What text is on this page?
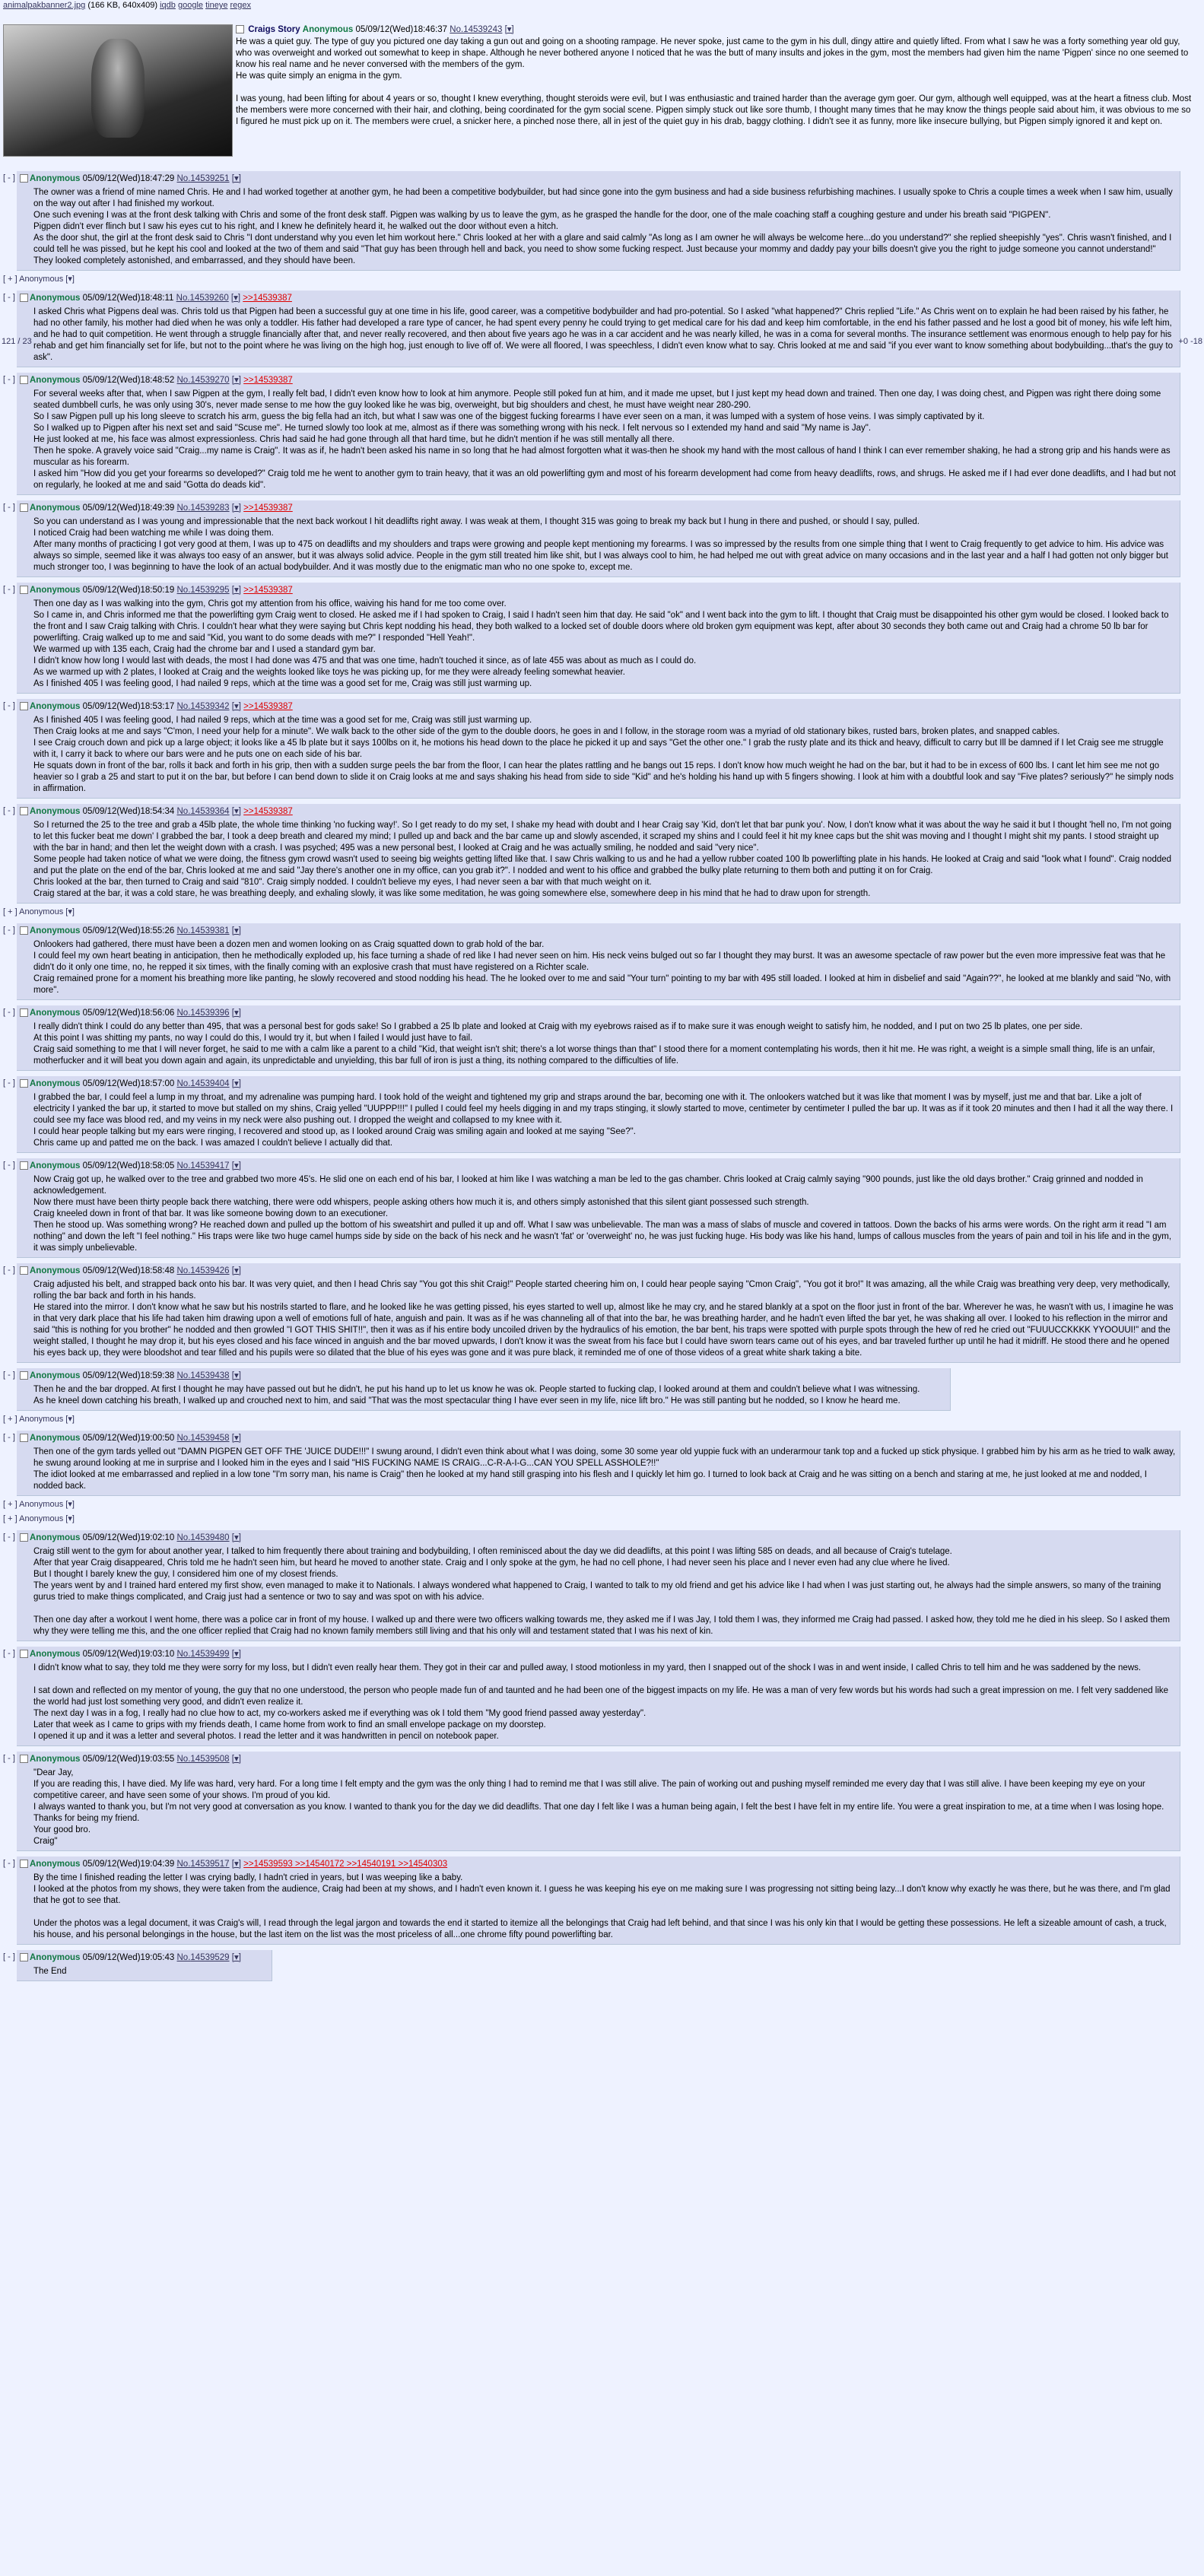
animalpakbanner2.jpg (166 KB, 640x409) iqdb google tineye regex
Craigs Story Anonymous 05/09/12(Wed)18:46:37 No.14539243 [▾]

He was a quiet guy. The type of guy you pictured one day taking a gun out and going on a shooting rampage. He never spoke, just came to the gym in his dull, dingy attire and quietly lifted. From what I saw he was a forty something year old guy, who was overweight and worked out somewhat to keep in shape. Although he never bothered anyone I noticed that he was the butt of many insults and jokes in the gym, most the members had given him the name 'Pigpen' since no one seemed to know his real name and he never conversed with the members of the gym.

He was quite simply an enigma in the gym.

I was young, had been lifting for about 4 years or so, thought I knew everything, thought steroids were evil, but I was enthusiastic and trained harder than the average gym goer. Our gym, although well equipped, was at the heart a fitness club. Most the members were more concerned with their hair, and clothing, being coordinated for the gym social scene. Pigpen simply stuck out like sore thumb, I thought many times that he may know the things people said about him, it was obvious to me so I figured he must pick up on it. The members were cruel, a snicker here, a pinched nose there, all in jest of the quiet guy in his drab, baggy clothing. I didn't see it as funny, more like insecure bullying, but Pigpen simply ignored it and kept on.

[ - ]	Anonymous 05/09/12(Wed)18:47:29 No.14539251 [▾]

The owner was a friend of mine named Chris. He and I had worked together at another gym, he had been a competitive bodybuilder, but had since gone into the gym business and had a side business refurbishing machines. I usually spoke to Chris a couple times a week when I saw him, usually on the way out after I had finished my workout.

One such evening I was at the front desk talking with Chris and some of the front desk staff. Pigpen was walking by us to leave the gym, as he grasped the handle for the door, one of the male coaching staff a coughing gesture and under his breath said "PIGPEN".

Pigpen didn't ever flinch but I saw his eyes cut to his right, and I knew he definitely heard it, he walked out the door without even a hitch.

As the door shut, the girl at the front desk said to Chris "I dont understand why you even let him workout here." Chris looked at her with a glare and said calmly "As long as I am owner he will always be welcome here...do you understand?" she replied sheepishly "yes". Chris wasn't finished, and I could tell he was pissed, but he kept his cool and looked at the two of them and said "That guy has been through hell and back, you need to show some fucking respect. Just because your mommy and daddy pay your bills doesn't give you the right to judge someone you cannot understand!" They looked completely astonished, and embarrassed, and they should have been.

[ + ] Anonymous [▾]
[ - ]	Anonymous 05/09/12(Wed)18:48:11 No.14539260 [▾] >>14539387

I asked Chris what Pigpens deal was. Chris told us that Pigpen had been a successful guy at one time in his life, good career, was a competitive bodybuilder and had pro-potential. So I asked "what happened?" Chris replied "Life." As Chris went on to explain he had been raised by his father, he had no other family, his mother had died when he was only a toddler. His father had developed a rare type of cancer, he had spent every penny he could trying to get medical care for his dad and keep him comfortable, in the end his father passed and he lost a good bit of money, his wife left him, and he had to quit competition. He went through a struggle financially after that, and never really recovered, and then about five years ago he was in a car accident and he was nearly killed, he was in a coma for several months. The insurance settlement was enormous enough to help pay for his rehab and get him financially set for life, but not to the point where he was living on the high hog, just enough to live off of. We were all floored, I was speechless, I didn't even know what to say. Chris looked at me and said "if you ever want to know something about bodybuilding...that's the guy to ask".

121 / 23	+0 -18
[ - ]	Anonymous 05/09/12(Wed)18:48:52 No.14539270 [▾] >>14539387

For several weeks after that, when I saw Pigpen at the gym, I really felt bad, I didn't even know how to look at him anymore. People still poked fun at him, and it made me upset, but I just kept my head down and trained. Then one day, I was doing chest, and Pigpen was right there doing some seated dumbbell curls, he was only using 30's, never made sense to me how the guy looked like he was big, overweight, but big shoulders and chest, he must have weight near 280-290.

So I saw Pigpen pull up his long sleeve to scratch his arm, guess the big fella had an itch, but what I saw was one of the biggest fucking forearms I have ever seen on a man, it was lumped with a system of hose veins. I was simply captivated by it.

So I walked up to Pigpen after his next set and said "Scuse me". He turned slowly too look at me, almost as if there was something wrong with his neck. I felt nervous so I extended my hand and said "My name is Jay".

He just looked at me, his face was almost expressionless. Chris had said he had gone through all that hard time, but he didn't mention if he was still mentally all there.

Then he spoke. A gravely voice said "Craig...my name is Craig". It was as if, he hadn't been asked his name in so long that he had almost forgotten what it was-then he shook my hand with the most callous of hand I think I can ever remember shaking, he had a strong grip and his hands were as muscular as his forearm.

I asked him "How did you get your forearms so developed?" Craig told me he went to another gym to train heavy, that it was an old powerlifting gym and most of his forearm development had come from heavy deadlifts, rows, and shrugs. He asked me if I had ever done deadlifts, and I had but not on regularly, he looked at me and said "Gotta do deads kid".

[ - ]	Anonymous 05/09/12(Wed)18:49:39 No.14539283 [▾] >>14539387

So you can understand as I was young and impressionable that the next back workout I hit deadlifts right away. I was weak at them, I thought 315 was going to break my back but I hung in there and pushed, or should I say, pulled.

I noticed Craig had been watching me while I was doing them.

After many months of practicing I got very good at them, I was up to 475 on deadlifts and my shoulders and traps were growing and people kept mentioning my forearms. I was so impressed by the results from one simple thing that I went to Craig frequently to get advice to him. His advice was always so simple, seemed like it was always too easy of an answer, but it was always solid advice. People in the gym still treated him like shit, but I was always cool to him, he had helped me out with great advice on many occasions and in the last year and a half I had gotten not only bigger but much stronger too, I was beginning to have the look of an actual bodybuilder. And it was mostly due to the enigmatic man who no one spoke to, except me.

[ - ]	Anonymous 05/09/12(Wed)18:50:19 No.14539295 [▾] >>14539387

Then one day as I was walking into the gym, Chris got my attention from his office, waiving his hand for me too come over.

So I came in, and Chris informed me that the powerlifting gym Craig went to closed. He asked me if I had spoken to Craig, I said I hadn't seen him that day. He said "ok" and I went back into the gym to lift. I thought that Craig must be disappointed his other gym would be closed. I looked back to the front and I saw Craig talking with Chris. I couldn't hear what they were saying but Chris kept nodding his head, they both walked to a locked set of double doors where old broken gym equipment was kept, after about 30 seconds they both came out and Craig had a chrome 50 lb bar for powerlifting. Craig walked up to me and said "Kid, you want to do some deads with me?" I responded "Hell Yeah!".

We warmed up with 135 each, Craig had the chrome bar and I used a standard gym bar.

I didn't know how long I would last with deads, the most I had done was 475 and that was one time, hadn't touched it since, as of late 455 was about as much as I could do.

As we warmed up with 2 plates, I looked at Craig and the weights looked like toys he was picking up, for me they were already feeling somewhat heavier.

As I finished 405 I was feeling good, I had nailed 9 reps, which at the time was a good set for me, Craig was still just warming up.

[ - ]	Anonymous 05/09/12(Wed)18:53:17 No.14539342 [▾] >>14539387

As I finished 405 I was feeling good, I had nailed 9 reps, which at the time was a good set for me, Craig was still just warming up.

Then Craig looks at me and says "C'mon, I need your help for a minute". We walk back to the other side of the gym to the double doors, he goes in and I follow, in the storage room was a myriad of old stationary bikes, rusted bars, broken plates, and snapped cables.

I see Craig crouch down and pick up a large object; it looks like a 45 lb plate but it says 100lbs on it, he motions his head down to the place he picked it up and says "Get the other one." I grab the rusty plate and its thick and heavy, difficult to carry but Ill be damned if I let Craig see me struggle with it, I carry it back to where our bars were and he puts one on each side of his bar.

He squats down in front of the bar, rolls it back and forth in his grip, then with a sudden surge peels the bar from the floor, I can hear the plates rattling and he bangs out 15 reps. I don't know how much weight he had on the bar, but it had to be in excess of 600 lbs. I cant let him see me not go heavier so I grab a 25 and start to put it on the bar, but before I can bend down to slide it on Craig looks at me and says shaking his head from side to side "Kid" and he's holding his hand up with 5 fingers showing. I look at him with a doubtful look and say "Five plates? seriously?" he simply nods in affirmation.

[ - ]	Anonymous 05/09/12(Wed)18:54:34 No.14539364 [▾] >>14539387

So I returned the 25 to the tree and grab a 45lb plate, the whole time thinking 'no fucking way!'. So I get ready to do my set, I shake my head with doubt and I hear Craig say 'Kid, don't let that bar punk you'. Now, I don't know what it was about the way he said it but I thought 'hell no, I'm not going to let this fucker beat me down' I grabbed the bar, I took a deep breath and cleared my mind; I pulled up and back and the bar came up and slowly ascended, it scraped my shins and I could feel it hit my knee caps but the shit was moving and I thought I might shit my pants. I stood straight up with the bar in hand; and then let the weight down with a crash. I was psyched; 495 was a new personal best, I looked at Craig and he was actually smiling, he nodded and said "very nice".

Some people had taken notice of what we were doing, the fitness gym crowd wasn't used to seeing big weights getting lifted like that. I saw Chris walking to us and he had a yellow rubber coated 100 lb powerlifting plate in his hands. He looked at Craig and said "look what I found". Craig nodded and put the plate on the end of the bar, Chris looked at me and said "Jay there's another one in my office, can you grab it?". I nodded and went to his office and grabbed the bulky plate returning to them both and putting it on for Craig.

Chris looked at the bar, then turned to Craig and said "810". Craig simply nodded. I couldn't believe my eyes, I had never seen a bar with that much weight on it.

Craig stared at the bar, it was a cold stare, he was breathing deeply, and exhaling slowly, it was like some meditation, he was going somewhere else, somewhere deep in his mind that he had to draw upon for strength.

[ + ] Anonymous [▾]
[ - ]	Anonymous 05/09/12(Wed)18:55:26 No.14539381 [▾]

Onlookers had gathered, there must have been a dozen men and women looking on as Craig squatted down to grab hold of the bar.

I could feel my own heart beating in anticipation, then he methodically exploded up, his face turning a shade of red like I had never seen on him. His neck veins bulged out so far I thought they may burst. It was an awesome spectacle of raw power but the even more impressive feat was that he didn't do it only one time, no, he repped it six times, with the finally coming with an explosive crash that must have registered on a Richter scale.

Craig remained prone for a moment his breathing more like panting, he slowly recovered and stood nodding his head. The he looked over to me and said "Your turn" pointing to my bar with 495 still loaded. I looked at him in disbelief and said "Again??", he looked at me blankly and said "No, with more".

[ - ]	Anonymous 05/09/12(Wed)18:56:06 No.14539396 [▾]

I really didn't think I could do any better than 495, that was a personal best for gods sake! So I grabbed a 25 lb plate and looked at Craig with my eyebrows raised as if to make sure it was enough weight to satisfy him, he nodded, and I put on two 25 lb plates, one per side.

At this point I was shitting my pants, no way I could do this, I would try it, but when I failed I would just have to fail.

Craig said something to me that I will never forget, he said to me with a calm like a parent to a child "Kid, that weight isn't shit; there's a lot worse things than that" I stood there for a moment contemplating his words, then it hit me. He was right, a weight is a simple small thing, life is an unfair, motherfucker and it will beat you down again and again, its unpredictable and unyielding, this bar full of iron is just a thing, its nothing compared to the difficulties of life.

[ - ]	Anonymous 05/09/12(Wed)18:57:00 No.14539404 [▾]

I grabbed the bar, I could feel a lump in my throat, and my adrenaline was pumping hard. I took hold of the weight and tightened my grip and straps around the bar, becoming one with it. The onlookers watched but it was like that moment I was by myself, just me and that bar. Like a jolt of electricity I yanked the bar up, it started to move but stalled on my shins, Craig yelled "UUPPP!!!" I pulled I could feel my heels digging in and my traps stinging, it slowly started to move, centimeter by centimeter I pulled the bar up. It was as if it took 20 minutes and then I had it all the way there. I could see my face was blood red, and my veins in my neck were also pushing out. I dropped the weight and collapsed to my knee with it.

I could hear people talking but my ears were ringing, I recovered and stood up, as I looked around Craig was smiling again and looked at me saying "See?".

Chris came up and patted me on the back. I was amazed I couldn't believe I actually did that.

[ - ]	Anonymous 05/09/12(Wed)18:58:05 No.14539417 [▾]

Now Craig got up, he walked over to the tree and grabbed two more 45's. He slid one on each end of his bar, I looked at him like I was watching a man be led to the gas chamber. Chris looked at Craig calmly saying "900 pounds, just like the old days brother." Craig grinned and nodded in acknowledgement.

Now there must have been thirty people back there watching, there were odd whispers, people asking others how much it is, and others simply astonished that this silent giant possessed such strength.

Craig kneeled down in front of that bar. It was like someone bowing down to an executioner.

Then he stood up. Was something wrong? He reached down and pulled up the bottom of his sweatshirt and pulled it up and off. What I saw was unbelievable. The man was a mass of slabs of muscle and covered in tattoos. Down the backs of his arms were words. On the right arm it read "I am nothing" and down the left "I feel nothing." His traps were like two huge camel humps side by side on the back of his neck and he wasn't 'fat' or 'overweight' no, he was just fucking huge. His body was like his hand, lumps of callous muscles from the years of pain and toil in his life and in the gym, it was simply unbelievable.

[ - ]	Anonymous 05/09/12(Wed)18:58:48 No.14539426 [▾]

Craig adjusted his belt, and strapped back onto his bar. It was very quiet, and then I head Chris say "You got this shit Craig!" People started cheering him on, I could hear people saying "Cmon Craig", "You got it bro!" It was amazing, all the while Craig was breathing very deep, very methodically, rolling the bar back and forth in his hands.

He stared into the mirror. I don't know what he saw but his nostrils started to flare, and he looked like he was getting pissed, his eyes started to well up, almost like he may cry, and he stared blankly at a spot on the floor just in front of the bar. Wherever he was, he wasn't with us, I imagine he was in that very dark place that his life had taken him drawing upon a well of emotions full of hate, anguish and pain. It was as if he was channeling all of that into the bar, he was breathing harder, and he hadn't even lifted the bar yet, he was shaking all over. I looked to his reflection in the mirror and said "this is nothing for you brother" he nodded and then growled "I GOT THIS SHIT!!", then it was as if his entire body uncoiled driven by the hydraulics of his emotion, the bar bent, his traps were spotted with purple spots through the hew of red he cried out "FUUUCCKKKK YYOOUUI!" and the weight stalled, I thought he may drop it, but his eyes closed and his face winced in anguish and the bar moved upwards, I don't know it was the sweat from his face but I could have sworn tears came out of his eyes, and bar traveled further up until he had it midriff. He stood there and he opened his eyes back up, they were bloodshot and tear filled and his pupils were so dilated that the blue of his eyes was gone and it was pure black, it reminded me of one of those videos of a great white shark taking a bite.

[ - ]	Anonymous 05/09/12(Wed)18:59:38 No.14539438 [▾]

Then he and the bar dropped. At first I thought he may have passed out but he didn't, he put his hand up to let us know he was ok. People started to fucking clap, I looked around at them and couldn't believe what I was witnessing.

As he kneel down catching his breath, I walked up and crouched next to him, and said "That was the most spectacular thing I have ever seen in my life, nice lift bro." He was still panting but he nodded, so I know he heard me.

[ + ] Anonymous [▾]
[ - ]	Anonymous 05/09/12(Wed)19:00:50 No.14539458 [▾]

Then one of the gym tards yelled out "DAMN PIGPEN GET OFF THE 'JUICE DUDE!!!" I swung around, I didn't even think about what I was doing, some 30 some year old yuppie fuck with an underarmour tank top and a fucked up stick physique. I grabbed him by his arm as he tried to walk away, he swung around looking at me in surprise and I looked him in the eyes and I said "HIS FUCKING NAME IS CRAIG...C-R-A-I-G...CAN YOU SPELL ASSHOLE?!!"

The idiot looked at me embarrassed and replied in a low tone "I'm sorry man, his name is Craig" then he looked at my hand still grasping into his flesh and I quickly let him go. I turned to look back at Craig and he was sitting on a bench and staring at me, he just looked at me and nodded, I nodded back.

[ + ] Anonymous [▾]
[ + ] Anonymous [▾]
[ - ]	Anonymous 05/09/12(Wed)19:02:10 No.14539480 [▾]

Craig still went to the gym for about another year, I talked to him frequently there about training and bodybuilding, I often reminisced about the day we did deadlifts, at this point I was lifting 585 on deads, and all because of Craig's tutelage.

After that year Craig disappeared, Chris told me he hadn't seen him, but heard he moved to another state. Craig and I only spoke at the gym, he had no cell phone, I had never seen his place and I never even had any clue where he lived.

But I thought I barely knew the guy, I considered him one of my closest friends.

The years went by and I trained hard entered my first show, even managed to make it to Nationals. I always wondered what happened to Craig, I wanted to talk to my old friend and get his advice like I had when I was just starting out, he always had the simple answers, so many of the training gurus tried to make things complicated, and Craig just had a sentence or two to say and was spot on with his advice.

Then one day after a workout I went home, there was a police car in front of my house. I walked up and there were two officers walking towards me, they asked me if I was Jay, I told them I was, they informed me Craig had passed. I asked how, they told me he died in his sleep. So I asked them why they were telling me this, and the one officer replied that Craig had no known family members still living and that his only will and testament stated that I was his next of kin.

[ - ]	Anonymous 05/09/12(Wed)19:03:10 No.14539499 [▾]

I didn't know what to say, they told me they were sorry for my loss, but I didn't even really hear them. They got in their car and pulled away, I stood motionless in my yard, then I snapped out of the shock I was in and went inside, I called Chris to tell him and he was saddened by the news.

I sat down and reflected on my mentor of young, the guy that no one understood, the person who people made fun of and taunted and he had been one of the biggest impacts on my life. He was a man of very few words but his words had such a great impression on me. I felt very saddened like the world had just lost something very good, and didn't even realize it.

The next day I was in a fog, I really had no clue how to act, my co-workers asked me if everything was ok I told them "My good friend passed away yesterday".

Later that week as I came to grips with my friends death, I came home from work to find an small envelope package on my doorstep.

I opened it up and it was a letter and several photos. I read the letter and it was handwritten in pencil on notebook paper.

[ - ]	Anonymous 05/09/12(Wed)19:03:55 No.14539508 [▾]

"Dear Jay,

If you are reading this, I have died. My life was hard, very hard. For a long time I felt empty and the gym was the only thing I had to remind me that I was still alive. The pain of working out and pushing myself reminded me every day that I was still alive. I have been keeping my eye on your competitive career, and have seen some of your shows. I'm proud of you kid.

I always wanted to thank you, but I'm not very good at conversation as you know. I wanted to thank you for the day we did deadlifts. That one day I felt like I was a human being again, I felt the best I have felt in my entire life. You were a great inspiration to me, at a time when I was losing hope.

Thanks for being my friend.

Your good bro.

Craig"

[ - ]	Anonymous 05/09/12(Wed)19:04:39 No.14539517 [▾] >>14539593 >>14540172 >>14540191 >>14540303

By the time I finished reading the letter I was crying badly, I hadn't cried in years, but I was weeping like a baby.

I looked at the photos from my shows, they were taken from the audience, Craig had been at my shows, and I hadn't even known it. I guess he was keeping his eye on me making sure I was progressing not sitting being lazy...I don't know why exactly he was there, but he was there, and I'm glad that he got to see that.

Under the photos was a legal document, it was Craig's will, I read through the legal jargon and towards the end it started to itemize all the belongings that Craig had left behind, and that since I was his only kin that I would be getting these possessions. He left a sizeable amount of cash, a truck, his house, and his personal belongings in the house, but the last item on the list was the most priceless of all...one chrome fifty pound powerlifting bar.

[ - ]	Anonymous 05/09/12(Wed)19:05:43 No.14539529 [▾]

The End
